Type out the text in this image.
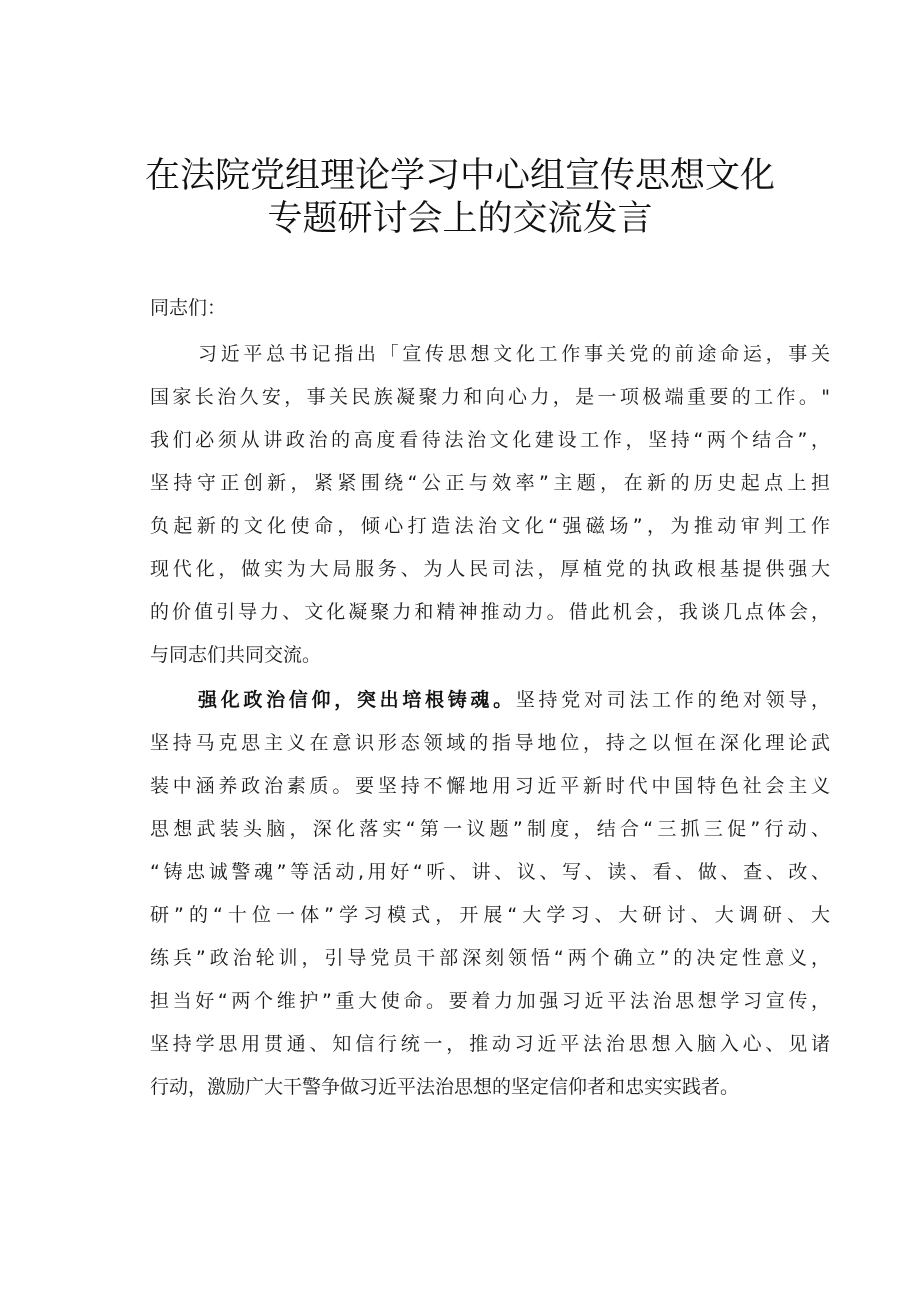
在法院党组理论学习中心组宣传思想文化
专题研讨会上的交流发言
同志们：
习近平总书记指出「宣传思想文化工作事关党的前途命运，事关
国家长治久安，事关民族凝聚力和向心力，是一项极端重要的工作。"
我们必须从讲政治的高度看待法治文化建设工作，坚持“两个结合”，
坚持守正创新，紧紧围绕“公正与效率”主题，在新的历史起点上担
负起新的文化使命，倾心打造法治文化“强磁场”，为推动审判工作
现代化，做实为大局服务、为人民司法，厚植党的执政根基提供强大
的价值引导力、文化凝聚力和精神推动力。借此机会，我谈几点体会，
与同志们共同交流。
强化政治信仰，突出培根铸魂。坚持党对司法工作的绝对领导，
坚持马克思主义在意识形态领域的指导地位，持之以恒在深化理论武
装中涵养政治素质。要坚持不懈地用习近平新时代中国特色社会主义
思想武装头脑，深化落实“第一议题”制度，结合“三抓三促”行动、
“铸忠诚警魂”等活动,用好“听、讲、议、写、读、看、做、查、改、
研”的“十位一体”学习模式，开展“大学习、大研讨、大调研、大
练兵”政治轮训，引导党员干部深刻领悟“两个确立”的决定性意义，
担当好“两个维护”重大使命。要着力加强习近平法治思想学习宣传，
坚持学思用贯通、知信行统一，推动习近平法治思想入脑入心、见诸
行动，激励广大干警争做习近平法治思想的坚定信仰者和忠实实践者。
